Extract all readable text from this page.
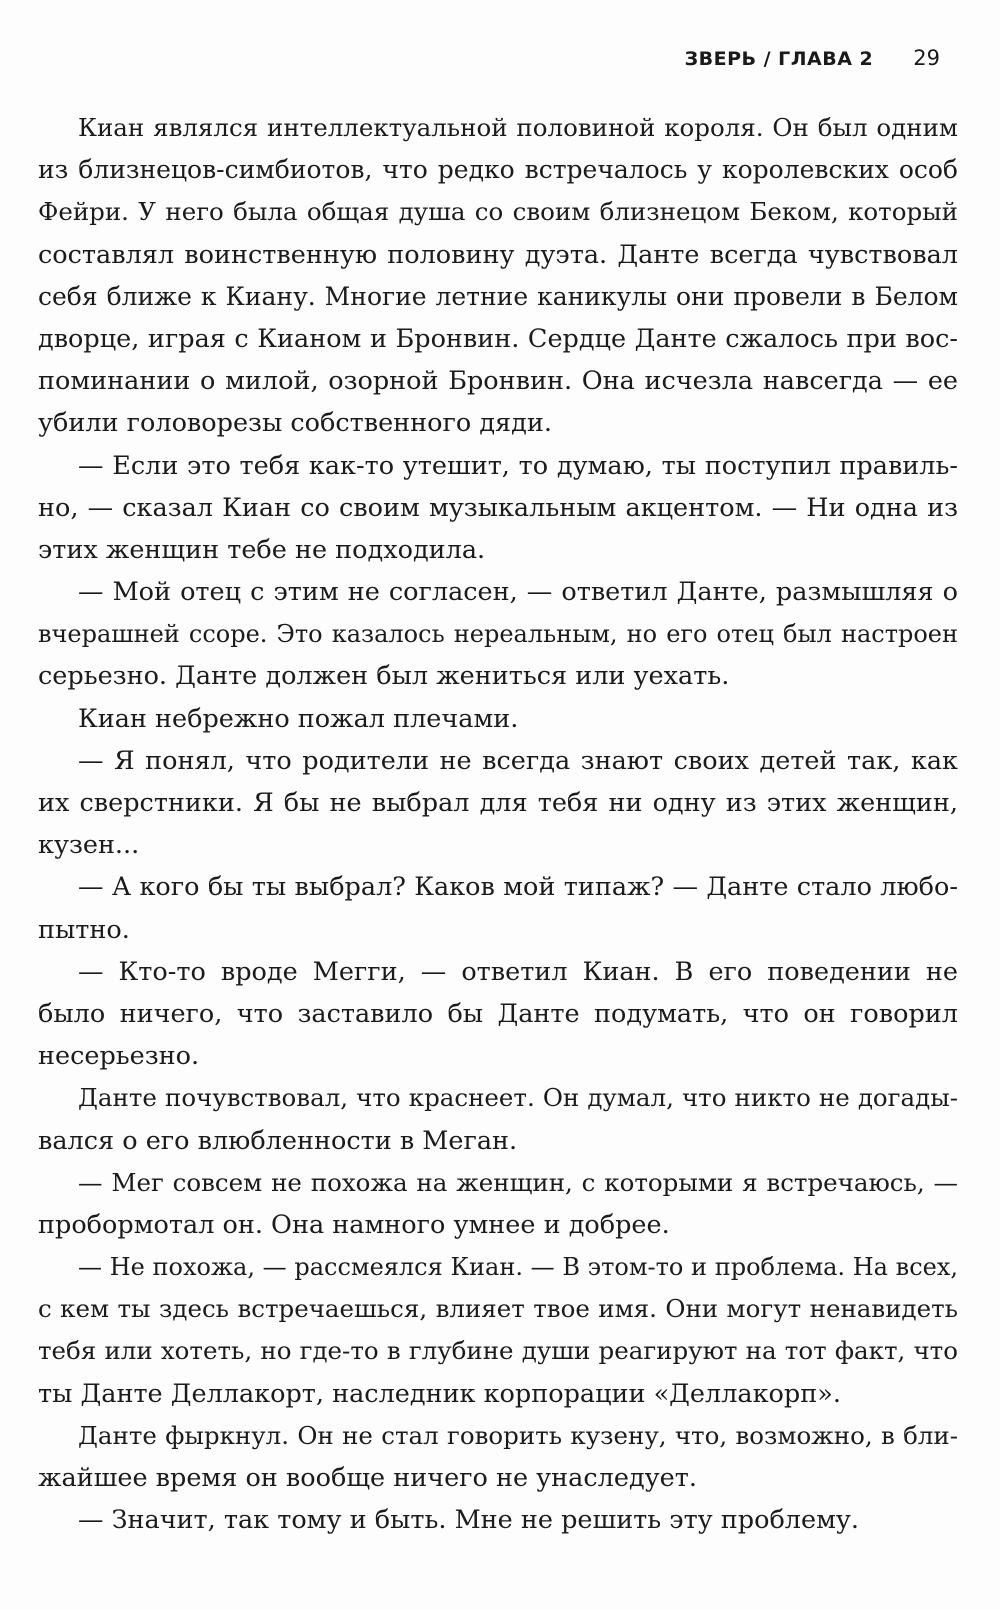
ЗВЕРЬ / ГЛАВА 2 29
Киан являлся интеллектуальной половиной короля. Он был одним
из близнецов-симбиотов, что редко встречалось у королевских особ
Фейри. У него была общая душа со своим близнецом Беком, который
составлял воинственную половину дуэта. Данте всегда чувствовал
себя ближе к Киану. Многие летние каникулы они провели в Белом
дворце, играя с Кианом и Бронвин. Сердце Данте сжалось при вос-
поминании о милой, озорной Бронвин. Она исчезла навсегда — ее
убили головорезы собственного дяди.
— Если это тебя как-то утешит, то думаю, ты поступил правиль-
но, — сказал Киан со своим музыкальным акцентом. — Ни одна из
этих женщин тебе не подходила.
— Мой отец с этим не согласен, — ответил Данте, размышляя о
вчерашней ссоре. Это казалось нереальным, но его отец был настроен
серьезно. Данте должен был жениться или уехать.
Киан небрежно пожал плечами.
— Я понял, что родители не всегда знают своих детей так, как
их сверстники. Я бы не выбрал для тебя ни одну из этих женщин,
кузен...
— А кого бы ты выбрал? Каков мой типаж? — Данте стало любо-
пытно.
— Кто-то вроде Мегги, — ответил Киан. В его поведении не
было ничего, что заставило бы Данте подумать, что он говорил
несерьезно.
Данте почувствовал, что краснеет. Он думал, что никто не догады-
вался о его влюбленности в Меган.
— Мег совсем не похожа на женщин, с которыми я встречаюсь, —
пробормотал он. Она намного умнее и добрее.
— Не похожа, — рассмеялся Киан. — В этом-то и проблема. На всех,
с кем ты здесь встречаешься, влияет твое имя. Они могут ненавидеть
тебя или хотеть, но где-то в глубине души реагируют на тот факт, что
ты Данте Деллакорт, наследник корпорации «Деллакорп».
Данте фыркнул. Он не стал говорить кузену, что, возможно, в бли-
жайшее время он вообще ничего не унаследует.
— Значит, так тому и быть. Мне не решить эту проблему.
